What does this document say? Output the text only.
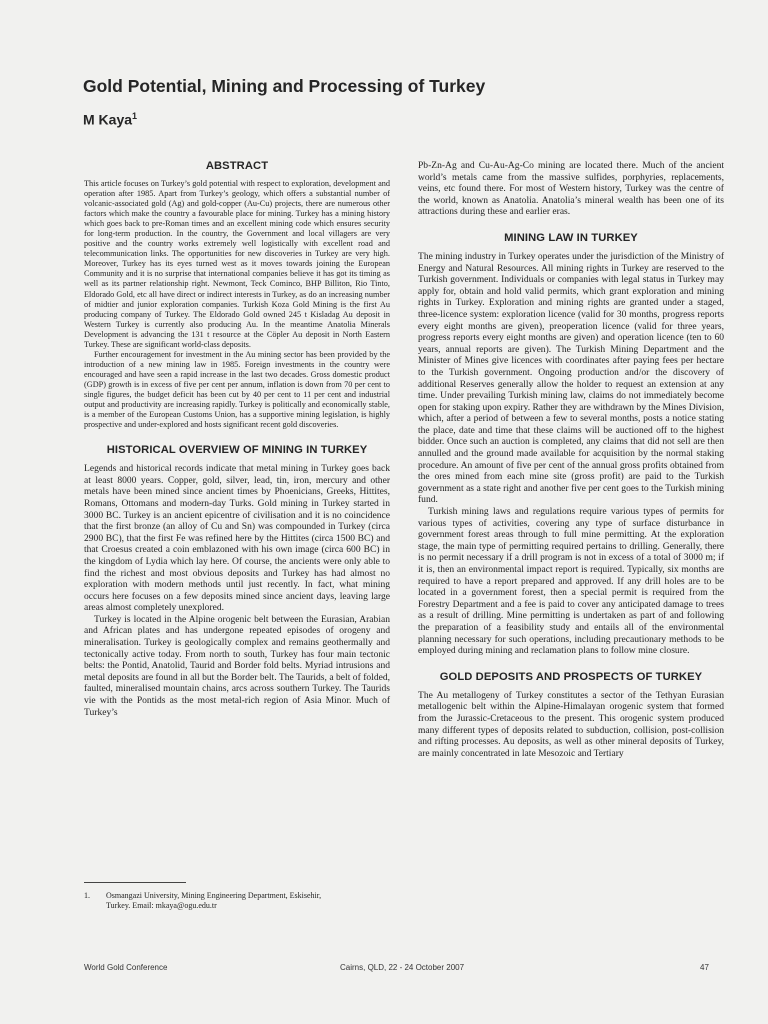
Gold Potential, Mining and Processing of Turkey
M Kaya$^1$
ABSTRACT

This article focuses on Turkey’s gold potential with respect to exploration, development and operation after 1985. Apart from Turkey’s geology, which offers a substantial number of volcanic-associated gold (Ag) and gold-copper (Au-Cu) projects, there are numerous other factors which make the country a favourable place for mining. Turkey has a mining history which goes back to pre-Roman times and an excellent mining code which ensures security for long-term production. In the country, the Government and local villagers are very positive and the country works extremely well logistically with excellent road and telecommunication links. The opportunities for new discoveries in Turkey are very high. Moreover, Turkey has its eyes turned west as it moves towards joining the European Community and it is no surprise that international companies believe it has got its timing as well as its partner relationship right. Newmont, Teck Cominco, BHP Billiton, Rio Tinto, Eldorado Gold, etc all have direct or indirect interests in Turkey, as do an increasing number of midtier and junior exploration companies. Turkish Koza Gold Mining is the first Au producing company of Turkey. The Eldorado Gold owned 245 t Kisladag Au deposit in Western Turkey is currently also producing Au. In the meantime Anatolia Minerals Development is advancing the 131 t resource at the Cöpler Au deposit in North Eastern Turkey. These are significant world-class deposits.

Further encouragement for investment in the Au mining sector has been provided by the introduction of a new mining law in 1985. Foreign investments in the country were encouraged and have seen a rapid increase in the last two decades. Gross domestic product (GDP) growth is in excess of five per cent per annum, inflation is down from 70 per cent to single figures, the budget deficit has been cut by 40 per cent to 11 per cent and industrial output and productivity are increasing rapidly. Turkey is politically and economically stable, is a member of the European Customs Union, has a supportive mining legislation, is highly prospective and under-explored and hosts significant recent gold discoveries.

HISTORICAL OVERVIEW OF MINING IN TURKEY

Legends and historical records indicate that metal mining in Turkey goes back at least 8000 years. Copper, gold, silver, lead, tin, iron, mercury and other metals have been mined since ancient times by Phoenicians, Greeks, Hittites, Romans, Ottomans and modern-day Turks. Gold mining in Turkey started in 3000 BC. Turkey is an ancient epicentre of civilisation and it is no coincidence that the first bronze (an alloy of Cu and Sn) was compounded in Turkey (circa 2900 BC), that the first Fe was refined here by the Hittites (circa 1500 BC) and that Croesus created a coin emblazoned with his own image (circa 600 BC) in the kingdom of Lydia which lay here. Of course, the ancients were only able to find the richest and most obvious deposits and Turkey has had almost no exploration with modern methods until just recently. In fact, what mining occurs here focuses on a few deposits mined since ancient days, leaving large areas almost completely unexplored.

Turkey is located in the Alpine orogenic belt between the Eurasian, Arabian and African plates and has undergone repeated episodes of orogeny and mineralisation. Turkey is geologically complex and remains geothermally and tectonically active today. From north to south, Turkey has four main tectonic belts: the Pontid, Anatolid, Taurid and Border fold belts. Myriad intrusions and metal deposits are found in all but the Border belt. The Taurids, a belt of folded, faulted, mineralised mountain chains, arcs across southern Turkey. The Taurids vie with the Pontids as the most metal-rich region of Asia Minor. Much of Turkey’s

Pb-Zn-Ag and Cu-Au-Ag-Co mining are located there. Much of the ancient world’s metals came from the massive sulfides, porphyries, replacements, veins, etc found there. For most of Western history, Turkey was the centre of the world, known as Anatolia. Anatolia’s mineral wealth has been one of its attractions during these and earlier eras.

MINING LAW IN TURKEY

The mining industry in Turkey operates under the jurisdiction of the Ministry of Energy and Natural Resources. All mining rights in Turkey are reserved to the Turkish government. Individuals or companies with legal status in Turkey may apply for, obtain and hold valid permits, which grant exploration and mining rights in Turkey. Exploration and mining rights are granted under a staged, three-licence system: exploration licence (valid for 30 months, progress reports every eight months are given), preoperation licence (valid for three years, progress reports every eight months are given) and operation licence (ten to 60 years, annual reports are given). The Turkish Mining Department and the Minister of Mines give licences with coordinates after paying fees per hectare to the Turkish government. Ongoing production and/or the discovery of additional Reserves generally allow the holder to request an extension at any time. Under prevailing Turkish mining law, claims do not immediately become open for staking upon expiry. Rather they are withdrawn by the Mines Division, which, after a period of between a few to several months, posts a notice stating the place, date and time that these claims will be auctioned off to the highest bidder. Once such an auction is completed, any claims that did not sell are then annulled and the ground made available for acquisition by the normal staking procedure. An amount of five per cent of the annual gross profits obtained from the ores mined from each mine site (gross profit) are paid to the Turkish government as a state right and another five per cent goes to the Turkish mining fund.

Turkish mining laws and regulations require various types of permits for various types of activities, covering any type of surface disturbance in government forest areas through to full mine permitting. At the exploration stage, the main type of permitting required pertains to drilling. Generally, there is no permit necessary if a drill program is not in excess of a total of 3000 m; if it is, then an environmental impact report is required. Typically, six months are required to have a report prepared and approved. If any drill holes are to be located in a government forest, then a special permit is required from the Forestry Department and a fee is paid to cover any anticipated damage to trees as a result of drilling. Mine permitting is undertaken as part of and following the preparation of a feasibility study and entails all of the environmental planning necessary for such operations, including precautionary methods to be employed during mining and reclamation plans to follow mine closure.

GOLD DEPOSITS AND PROSPECTS OF TURKEY

The Au metallogeny of Turkey constitutes a sector of the Tethyan Eurasian metallogenic belt within the Alpine-Himalayan orogenic system that formed from the Jurassic-Cretaceous to the present. This orogenic system produced many different types of deposits related to subduction, collision, post-collision and rifting processes. Au deposits, as well as other mineral deposits of Turkey, are mainly concentrated in late Mesozoic and Tertiary

1. Osmangazi University, Mining Engineering Department, Eskisehir,
Turkey. Email: mkaya@ogu.edu.tr
World Gold Conference	Cairns, QLD, 22 - 24 October 2007	47
